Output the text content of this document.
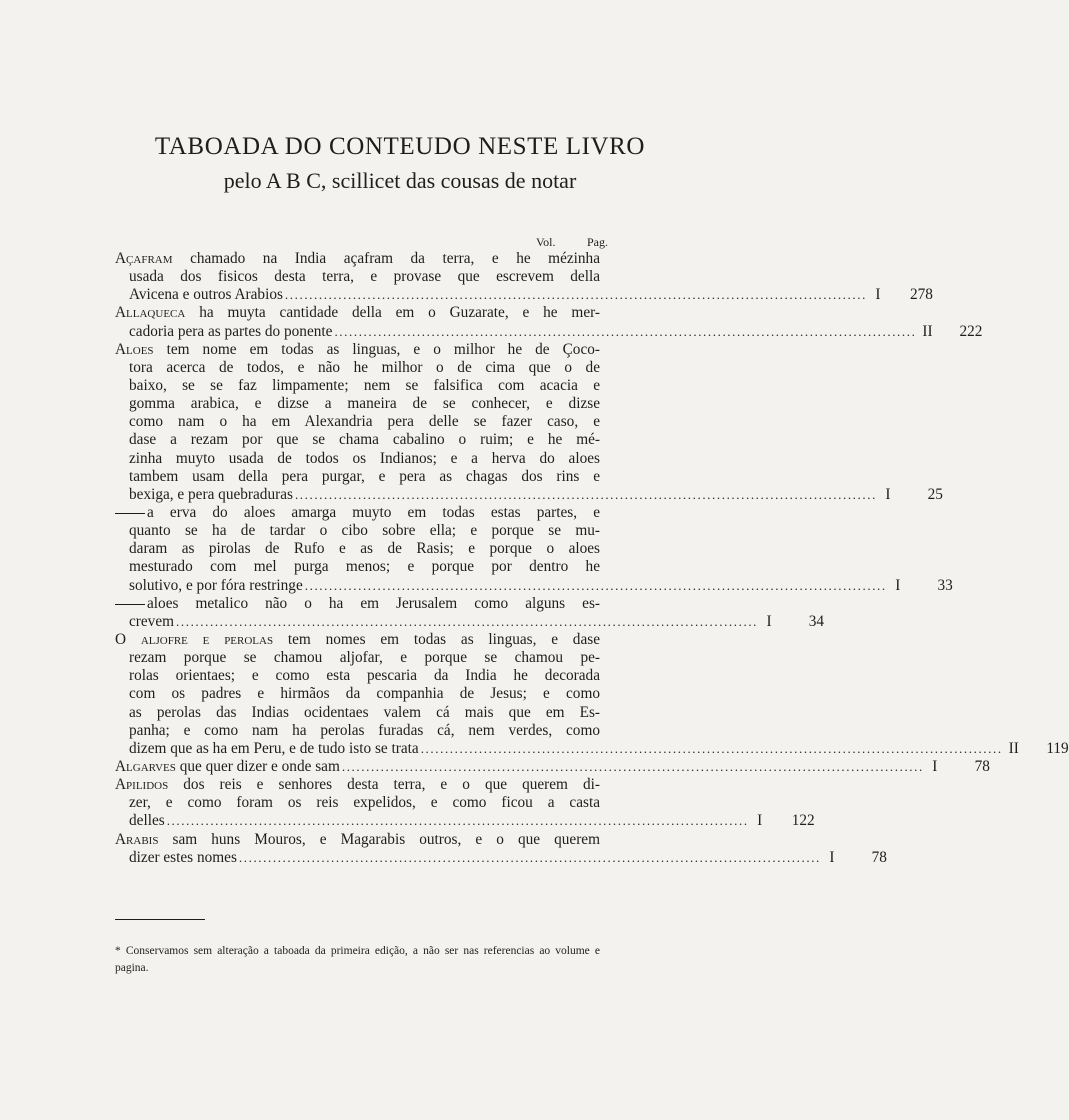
TABOADA DO CONTEUDO NESTE LIVRO
pelo A B C, scillicet das cousas de notar
Vol.	Pag.
Açafram chamado na India açafram da terra, e he mézinha
usada dos fisicos desta terra, e provase que escrevem della
Avicena e outros Arabios ........................................................................................................................ I	278
Allaqueca ha muyta cantidade della em o Guzarate, e he mer-
cadoria pera as partes do ponente ........................................................................................................................ II	222
Aloes tem nome em todas as linguas, e o milhor he de Çoco-
tora acerca de todos, e não he milhor o de cima que o de
baixo, se se faz limpamente; nem se falsifica com acacia e
gomma arabica, e dizse a maneira de se conhecer, e dizse
como nam o ha em Alexandria pera delle se fazer caso, e
dase a rezam por que se chama cabalino o ruim; e he mé-
zinha muyto usada de todos os Indianos; e a herva do aloes
tambem usam della pera purgar, e pera as chagas dos rins e
bexiga, e pera quebraduras ........................................................................................................................ I	25
a erva do aloes amarga muyto em todas estas partes, e
quanto se ha de tardar o cibo sobre ella; e porque se mu-
daram as pirolas de Rufo e as de Rasis; e porque o aloes
mesturado com mel purga menos; e porque por dentro he
solutivo, e por fóra restringe ........................................................................................................................ I	33
aloes metalico não o ha em Jerusalem como alguns es-
crevem ........................................................................................................................ I	34
O aljofre e perolas tem nomes em todas as linguas, e dase
rezam porque se chamou aljofar, e porque se chamou pe-
rolas orientaes; e como esta pescaria da India he decorada
com os padres e hirmãos da companhia de Jesus; e como
as perolas das Indias ocidentaes valem cá mais que em Es-
panha; e como nam ha perolas furadas cá, nem verdes, como
dizem que as ha em Peru, e de tudo isto se trata ........................................................................................................................ II	119
Algarves que quer dizer e onde sam ........................................................................................................................ I	78
Apilidos dos reis e senhores desta terra, e o que querem di-
zer, e como foram os reis expelidos, e como ficou a casta
delles ........................................................................................................................ I	122
Arabis sam huns Mouros, e Magarabis outros, e o que querem
dizer estes nomes ........................................................................................................................ I	78
* Conservamos sem alteração a taboada da primeira edição, a não ser nas referencias ao volume e pagina.
